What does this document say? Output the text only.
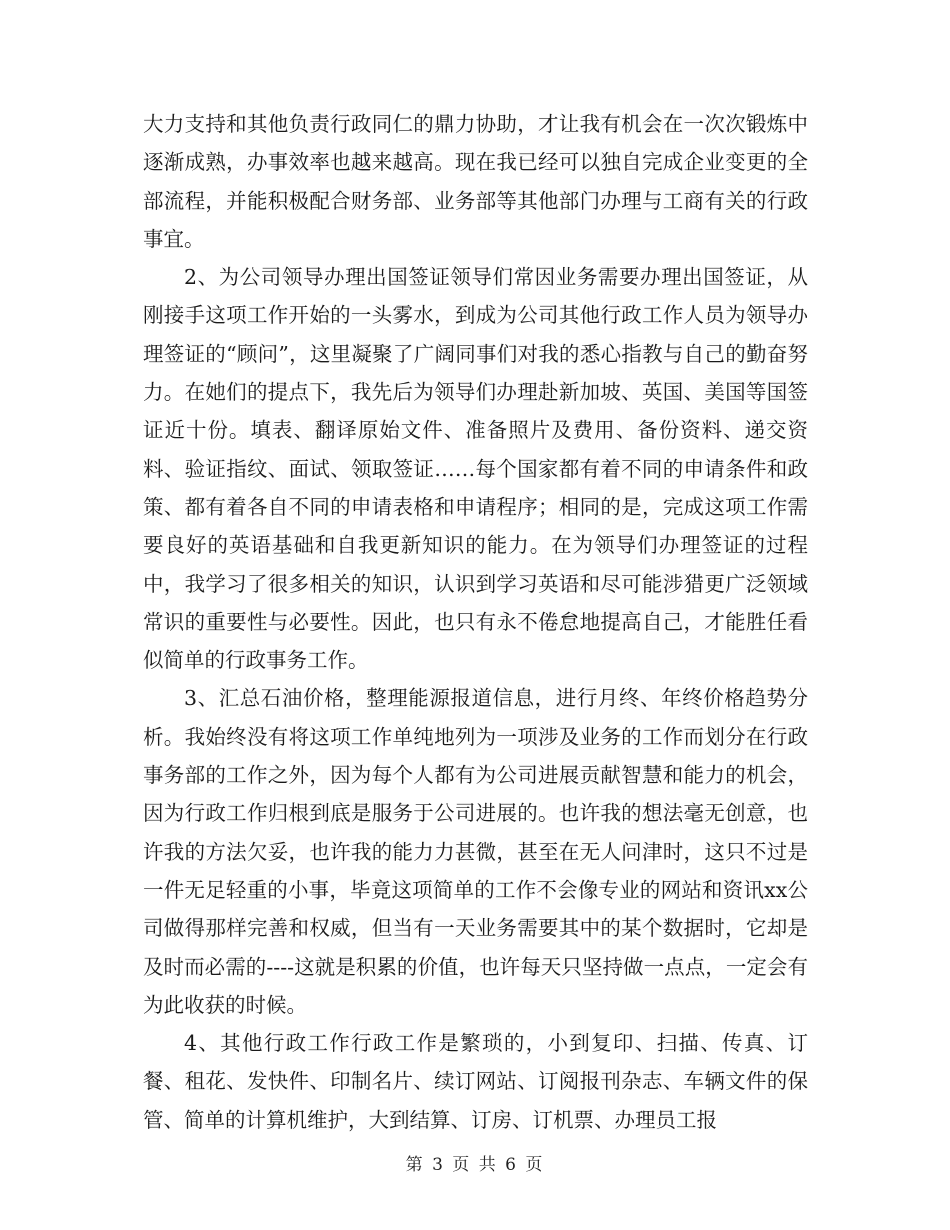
大力支持和其他负责行政同仁的鼎力协助，才让我有机会在一次次锻炼中逐渐成熟，办事效率也越来越高。现在我已经可以独自完成企业变更的全部流程，并能积极配合财务部、业务部等其他部门办理与工商有关的行政事宜。

2、为公司领导办理出国签证领导们常因业务需要办理出国签证，从刚接手这项工作开始的一头雾水，到成为公司其他行政工作人员为领导办理签证的“顾问”，这里凝聚了广阔同事们对我的悉心指教与自己的勤奋努力。在她们的提点下，我先后为领导们办理赴新加坡、英国、美国等国签证近十份。填表、翻译原始文件、准备照片及费用、备份资料、递交资料、验证指纹、面试、领取签证……每个国家都有着不同的申请条件和政策、都有着各自不同的申请表格和申请程序；相同的是，完成这项工作需要良好的英语基础和自我更新知识的能力。在为领导们办理签证的过程中，我学习了很多相关的知识，认识到学习英语和尽可能涉猎更广泛领域常识的重要性与必要性。因此，也只有永不倦怠地提高自己，才能胜任看似简单的行政事务工作。

3、汇总石油价格，整理能源报道信息，进行月终、年终价格趋势分析。我始终没有将这项工作单纯地列为一项涉及业务的工作而划分在行政事务部的工作之外，因为每个人都有为公司进展贡献智慧和能力的机会，因为行政工作归根到底是服务于公司进展的。也许我的想法毫无创意，也许我的方法欠妥，也许我的能力力甚微，甚至在无人问津时，这只不过是一件无足轻重的小事，毕竟这项简单的工作不会像专业的网站和资讯xx公司做得那样完善和权威，但当有一天业务需要其中的某个数据时，它却是及时而必需的----这就是积累的价值，也许每天只坚持做一点点，一定会有为此收获的时候。

4、其他行政工作行政工作是繁琐的，小到复印、扫描、传真、订餐、租花、发快件、印制名片、续订网站、订阅报刊杂志、车辆文件的保管、简单的计算机维护，大到结算、订房、订机票、办理员工报

第 3 页 共 6 页
